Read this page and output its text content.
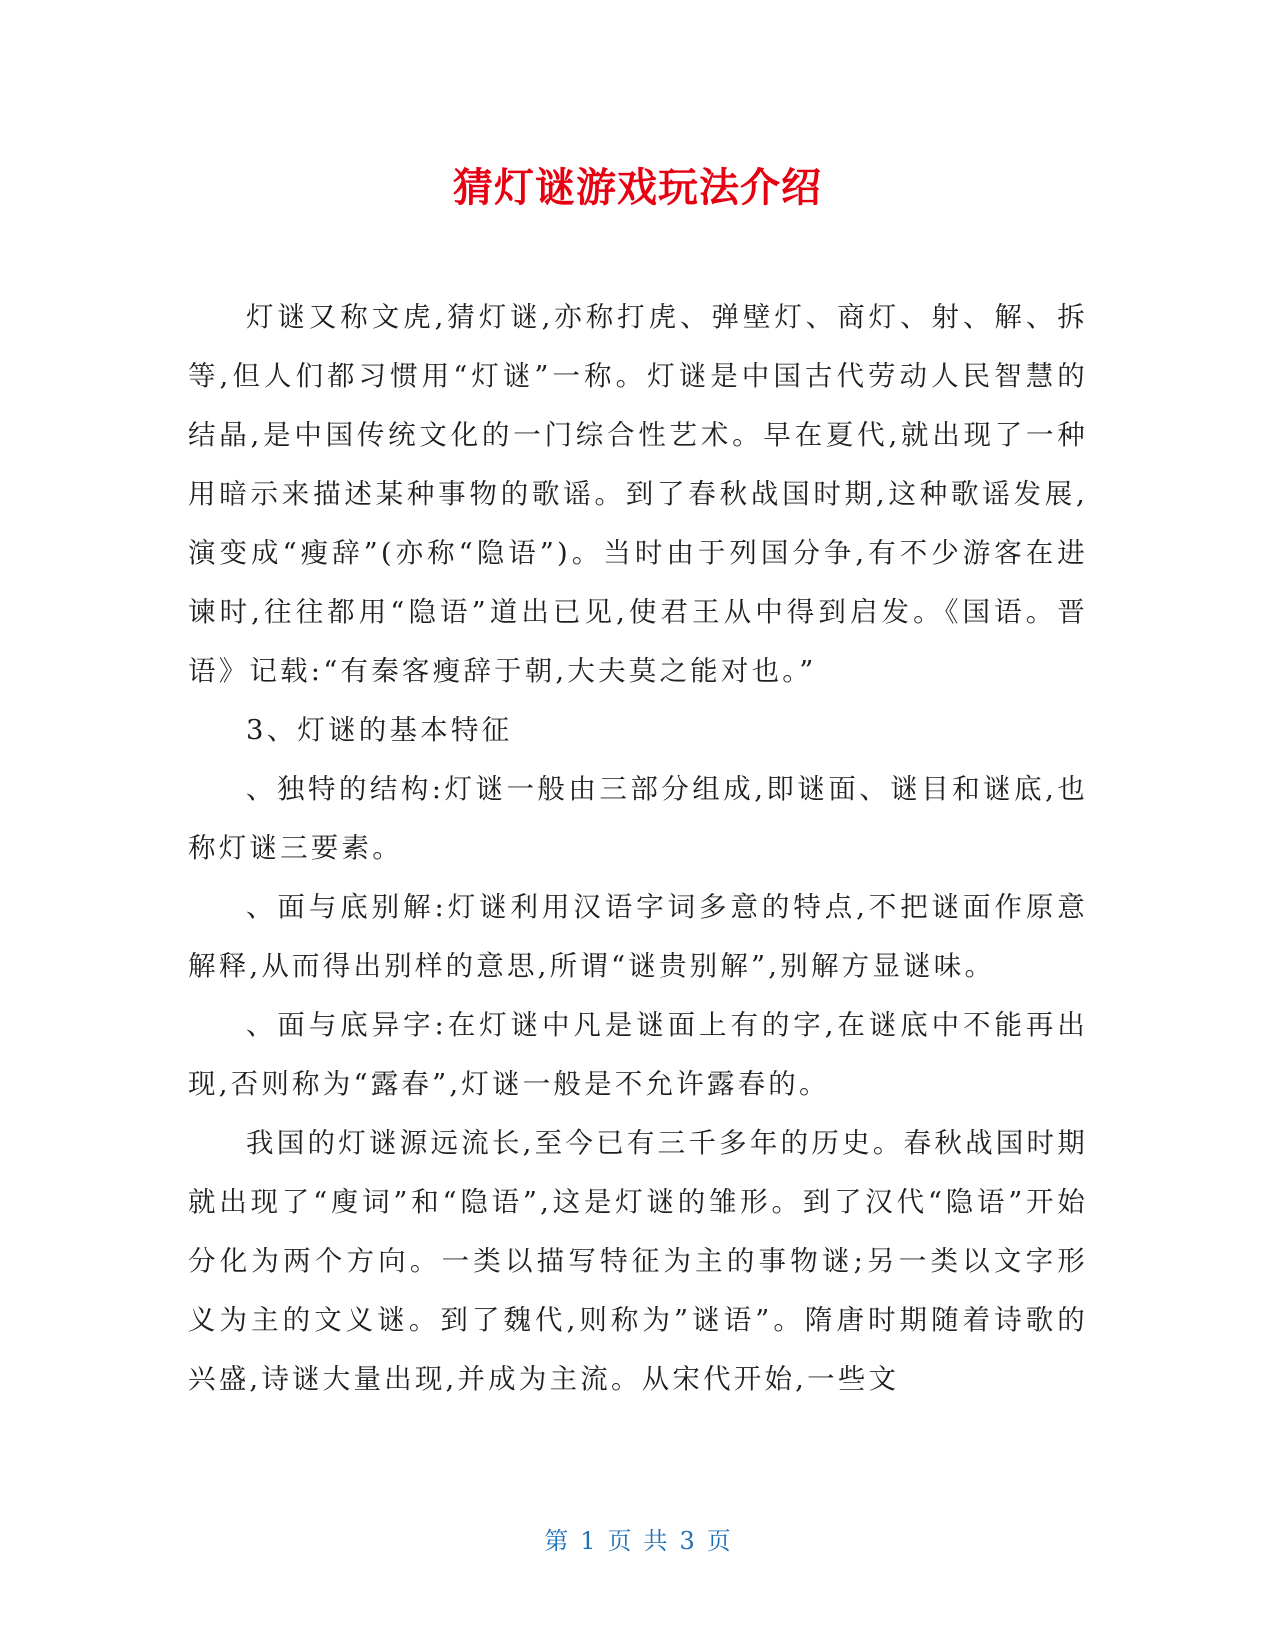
猜灯谜游戏玩法介绍

灯谜又称文虎,猜灯谜,亦称打虎、弹壁灯、商灯、射、解、拆等,但人们都习惯用“灯谜”一称。灯谜是中国古代劳动人民智慧的结晶,是中国传统文化的一门综合性艺术。早在夏代,就出现了一种用暗示来描述某种事物的歌谣。到了春秋战国时期,这种歌谣发展,演变成“瘦辞”(亦称“隐语”)。当时由于列国分争,有不少游客在进谏时,往往都用“隐语”道出已见,使君王从中得到启发。《国语。晋语》记载:“有秦客瘦辞于朝,大夫莫之能对也。”

3、灯谜的基本特征

、独特的结构:灯谜一般由三部分组成,即谜面、谜目和谜底,也称灯谜三要素。

、面与底别解:灯谜利用汉语字词多意的特点,不把谜面作原意解释,从而得出别样的意思,所谓“谜贵别解”,别解方显谜味。

、面与底异字:在灯谜中凡是谜面上有的字,在谜底中不能再出现,否则称为“露春”,灯谜一般是不允许露春的。

我国的灯谜源远流长,至今已有三千多年的历史。春秋战国时期就出现了“廋词”和“隐语”,这是灯谜的雏形。到了汉代“隐语”开始分化为两个方向。一类以描写特征为主的事物谜;另一类以文字形义为主的文义谜。到了魏代,则称为”谜语”。隋唐时期随着诗歌的兴盛,诗谜大量出现,并成为主流。从宋代开始,一些文

第 1 页 共 3 页
